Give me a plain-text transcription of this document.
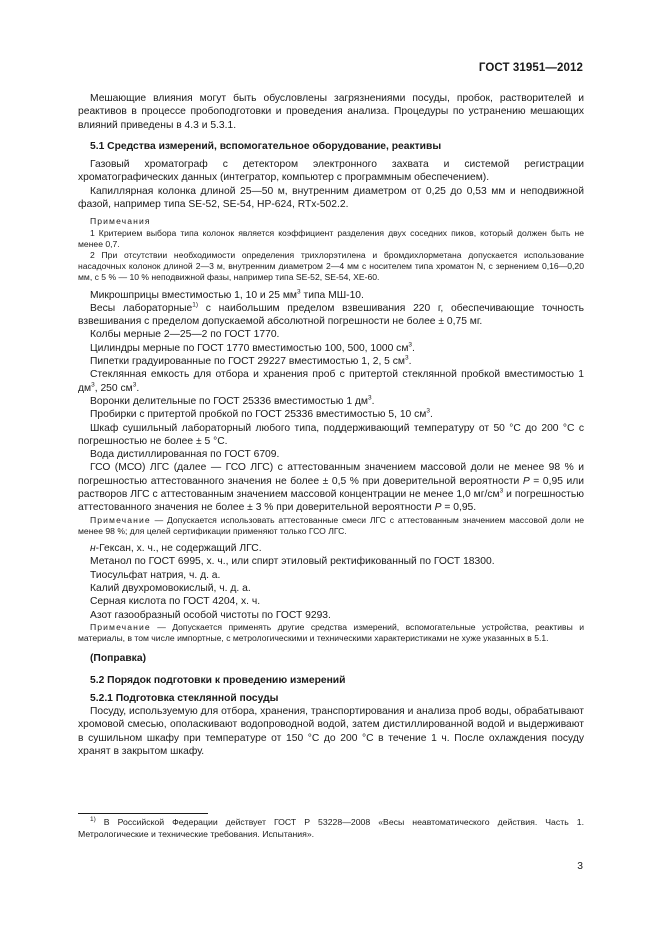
ГОСТ 31951—2012

Мешающие влияния могут быть обусловлены загрязнениями посуды, пробок, растворителей и реактивов в процессе пробоподготовки и проведения анализа. Процедуры по устранению мешающих влияний приведены в 4.3 и 5.3.1.

5.1 Средства измерений, вспомогательное оборудование, реактивы

Газовый хроматограф с детектором электронного захвата и системой регистрации хроматографических данных (интегратор, компьютер с программным обеспечением).

Капиллярная колонка длиной 25—50 м, внутренним диаметром от 0,25 до 0,53 мм и неподвижной фазой, например типа SE-52, SE-54, HP-624, RTx-502.2.

Примечания

1 Критерием выбора типа колонок является коэффициент разделения двух соседних пиков, который должен быть не менее 0,7.

2 При отсутствии необходимости определения трихлорэтилена и бромдихлорметана допускается использование насадочных колонок длиной 2—3 м, внутренним диаметром 2—4 мм с носителем типа хроматон N, с зернением 0,16—0,20 мм, с 5 % — 10 % неподвижной фазы, например типа SE-52, SE-54, XE-60.

Микрошприцы вместимостью 1, 10 и 25 $мм^3$ типа МШ-10.

Весы лабораторные$^{1)}$ с наибольшим пределом взвешивания 220 г, обеспечивающие точность взвешивания с пределом допускаемой абсолютной погрешности не более ± 0,75 мг.

Колбы мерные 2—25—2 по ГОСТ 1770.

Цилиндры мерные по ГОСТ 1770 вместимостью 100, 500, 1000 $см^3$.

Пипетки градуированные по ГОСТ 29227 вместимостью 1, 2, 5 $см^3$.

Стеклянная емкость для отбора и хранения проб с притертой стеклянной пробкой вместимостью 1 $дм^3$, 250 $см^3$.

Воронки делительные по ГОСТ 25336 вместимостью 1 $дм^3$.

Пробирки с притертой пробкой по ГОСТ 25336 вместимостью 5, 10 $см^3$.

Шкаф сушильный лабораторный любого типа, поддерживающий температуру от 50 °С до 200 °С с погрешностью не более ± 5 °С.

Вода дистиллированная по ГОСТ 6709.

ГСО (МСО) ЛГС (далее — ГСО ЛГС) с аттестованным значением массовой доли не менее 98 % и погрешностью аттестованного значения не более ± 0,5 % при доверительной вероятности P = 0,95 или растворов ЛГС с аттестованным значением массовой концентрации не менее 1,0 $мг/см^3$ и погрешностью аттестованного значения не более ± 3 % при доверительной вероятности P = 0,95.

Примечание — Допускается использовать аттестованные смеси ЛГС с аттестованным значением массовой доли не менее 98 %; для целей сертификации применяют только ГСО ЛГС.

н-Гексан, х. ч., не содержащий ЛГС.

Метанол по ГОСТ 6995, х. ч., или спирт этиловый ректификованный по ГОСТ 18300.

Тиосульфат натрия, ч. д. а.

Калий двухромовокислый, ч. д. а.

Серная кислота по ГОСТ 4204, х. ч.

Азот газообразный особой чистоты по ГОСТ 9293.

Примечание — Допускается применять другие средства измерений, вспомогательные устройства, реактивы и материалы, в том числе импортные, с метрологическими и техническими характеристиками не хуже указанных в 5.1.

(Поправка)

5.2 Порядок подготовки к проведению измерений

5.2.1 Подготовка стеклянной посуды

Посуду, используемую для отбора, хранения, транспортирования и анализа проб воды, обрабатывают хромовой смесью, ополаскивают водопроводной водой, затем дистиллированной водой и выдерживают в сушильном шкафу при температуре от 150 °С до 200 °С в течение 1 ч. После охлаждения посуду хранят в закрытом шкафу.

$^{1)}$ В Российской Федерации действует ГОСТ Р 53228—2008 «Весы неавтоматического действия. Часть 1. Метрологические и технические требования. Испытания».
3
